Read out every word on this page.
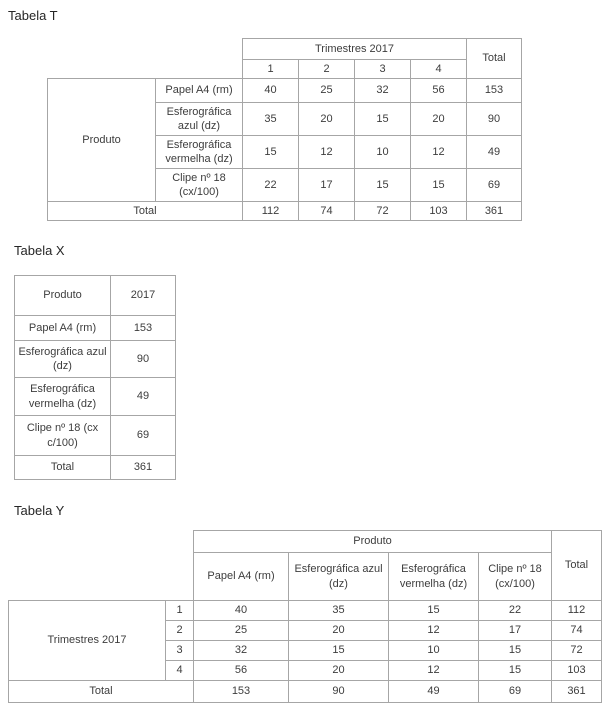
Tabela T
		Trimestres 2017				Total
		1	2	3	4	
Produto	Papel A4 (rm)	40	25	32	56	153
	Esferográfica azul (dz)	35	20	15	20	90
	Esferográfica vermelha (dz)	15	12	10	12	49
	Clipe nº 18 (cx/100)	22	17	15	15	69
Total		112	74	72	103	361
Tabela X
Produto	2017
Papel A4 (rm)	153
Esferográfica azul (dz)	90
Esferográfica vermelha (dz)	49
Clipe nº 18 (cx c/100)	69
Total	361
Tabela Y
		Produto				Total
		Papel A4 (rm)	Esferográfica azul (dz)	Esferográfica vermelha (dz)	Clipe nº 18 (cx/100)	
Trimestres 2017	1	40	35	15	22	112
	2	25	20	12	17	74
	3	32	15	10	15	72
	4	56	20	12	15	103
Total		153	90	49	69	361
